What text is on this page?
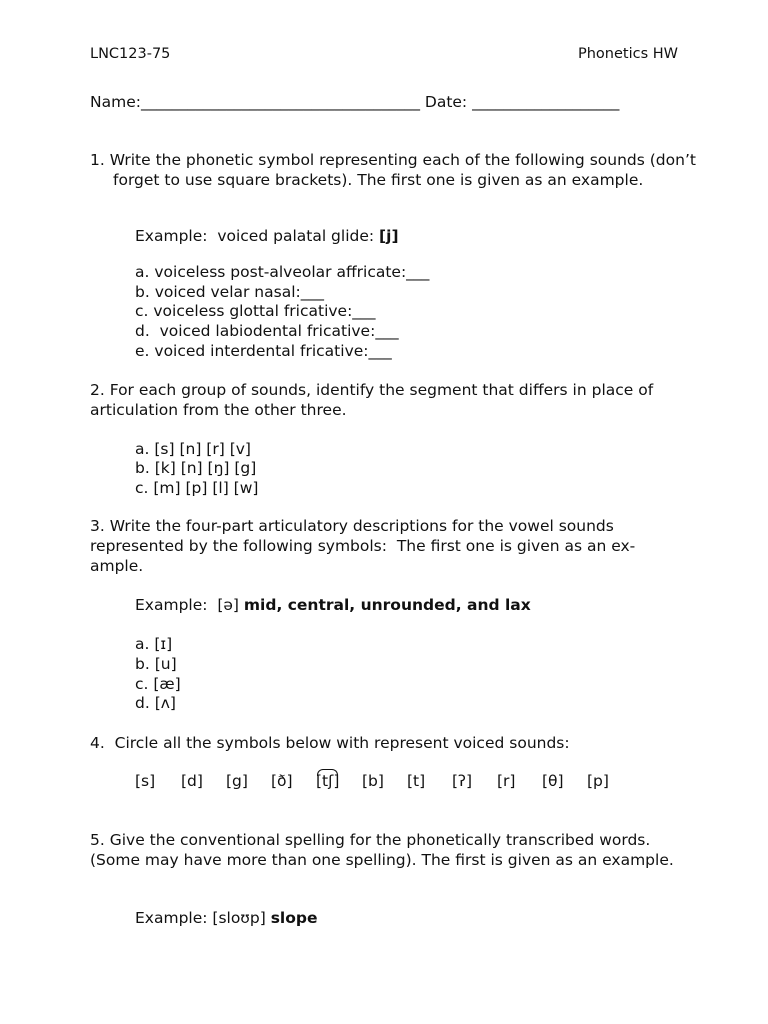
LNC123-75	Phonetics HW
Name:____________________________________ Date: ___________________
1. Write the phonetic symbol representing each of the following sounds (don’t forget to use square brackets). The first one is given as an example.
Example:  voiced palatal glide: [j]
a. voiceless post-alveolar affricate:___
b. voiced velar nasal:___
c. voiceless glottal fricative:___
d.  voiced labiodental fricative:___
e. voiced interdental fricative:___
2. For each group of sounds, identify the segment that differs in place of articulation from the other three.
a. [s] [n] [r] [v]
b. [k] [n] [ŋ] [g]
c. [m] [p] [l] [w]
3. Write the four-part articulatory descriptions for the vowel sounds
represented by the following symbols:  The first one is given as an ex-
ample.
Example:  [ə] mid, central, unrounded, and lax
a. [ɪ]
b. [u]
c. [æ]
d. [ʌ]
4.  Circle all the symbols below with represent voiced sounds:
[s] [d] [g] [ð] [tʃ] [b] [t] [ʔ] [r] [θ] [p]
5. Give the conventional spelling for the phonetically transcribed words. (Some may have more than one spelling). The first is given as an example.
Example: [sloʊp] slope
